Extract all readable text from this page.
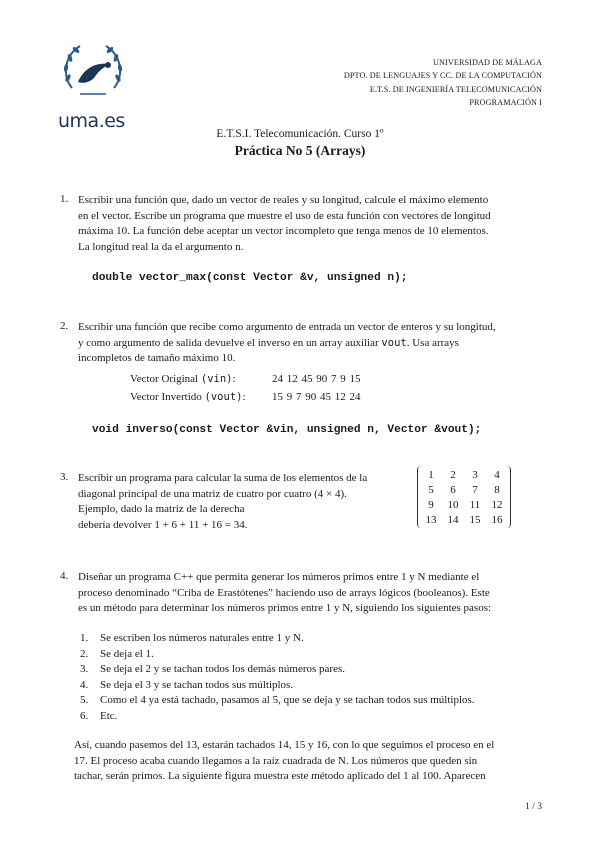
uma.es
UNIVERSIDAD DE MÁLAGA
DPTO. DE LENGUAJES Y CC. DE LA COMPUTACIÓN
E.T.S. DE INGENIERÍA TELECOMUNICACIÓN
PROGRAMACIÓN I
E.T.S.I. Telecomunicación. Curso 1º
Práctica No 5 (Arrays)
1. Escribir una función que, dado un vector de reales y su longitud, calcule el máximo elemento

en el vector. Escribe un programa que muestre el uso de esta función con vectores de longitud

máxima 10. La función debe aceptar un vector incompleto que tenga menos de 10 elementos.

La longitud real la da el argumento n.

double vector_max(const Vector &v, unsigned n);
2. Escribir una función que recibe como argumento de entrada un vector de enteros y su longitud,

y como argumento de salida devuelve el inverso en un array auxiliar vout. Usa arrays

incompletos de tamaño máximo 10.

Vector Original (vin):	24 12 45 90 7 9 15
Vector Invertido (vout): 15 9 7 90 45 12 24
void inverso(const Vector &vin, unsigned n, Vector &vout);
3. Escribir un programa para calcular la suma de los elementos de la

diagonal principal de una matriz de cuatro por cuatro (4 × 4).

Ejemplo, dado la matriz de la derecha

debería devolver 1 + 6 + 11 + 16 = 34.

1	2	3	4
5	6	7	8
9	10	11	12
13	14	15	16
4. Diseñar un programa C++ que permita generar los números primos entre 1 y N mediante el

proceso denominado “Criba de Erastótenes” haciendo uso de arrays lógicos (booleanos). Este

es un método para determinar los números primos entre 1 y N, siguiendo los siguientes pasos:

1. Se escriben los números naturales entre 1 y N.
2. Se deja el 1.
3. Se deja el 2 y se tachan todos los demás números pares.
4. Se deja el 3 y se tachan todos sus múltiplos.
5. Como el 4 ya está tachado, pasamos al 5, que se deja y se tachan todos sus múltiplos.
6. Etc.

Así, cuando pasemos del 13, estarán tachados 14, 15 y 16, con lo que seguimos el proceso en el

17. El proceso acaba cuando llegamos a la raíz cuadrada de N. Los números que queden sin

tachar, serán primos. La siguiente figura muestra este método aplicado del 1 al 100. Aparecen

1 / 3
